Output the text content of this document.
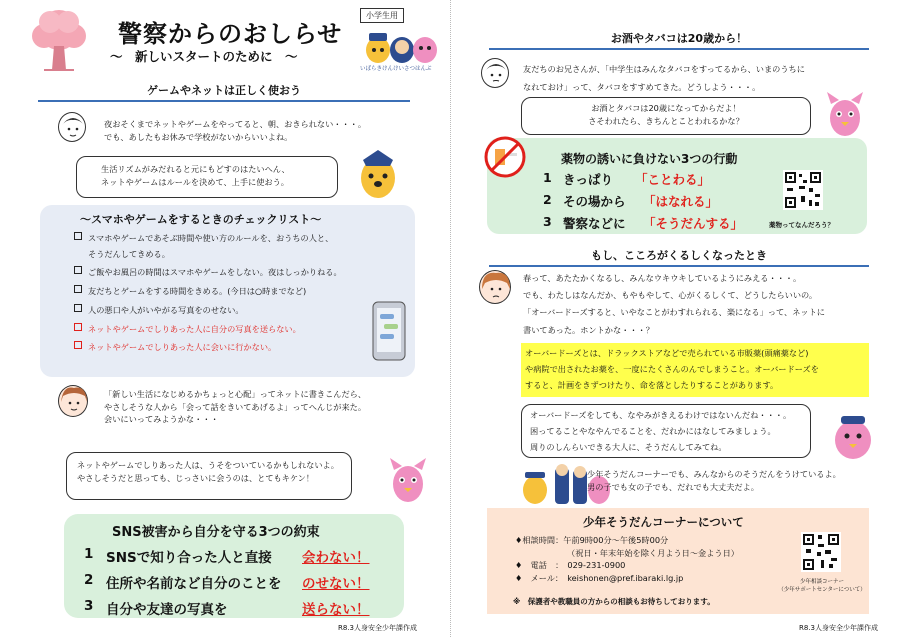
小学生用
警察からのおしらせ
～　新しいスタートのために　～
いばらきけんけいさつはんぶ
ゲームやネットは正しく使おう
夜おそくまでネットやゲームをやってると、朝、おきられない・・・。
でも、あしたもお休みで学校がないからいいよね。
生活リズムがみだれると元にもどすのはたいへん、
ネットやゲームはルールを決めて、上手に使おう。
～スマホやゲームをするときのチェックリスト～
スマホやゲームであそぶ時間や使い方のルールを、おうちの人と、
そうだんしてきめる。
ご飯やお風呂の時間はスマホやゲームをしない。夜はしっかりねる。
友だちとゲームをする時間をきめる。(今日は○時までなど)
人の悪口や人がいやがる写真をのせない。
ネットやゲームでしりあった人に自分の写真を送らない。
ネットやゲームでしりあった人に会いに行かない。
「新しい生活になじめるかちょっと心配」ってネットに書きこんだら、
やさしそうな人から「会って話をきいてあげるよ」ってへんじが来た。
会いにいってみようかな・・・
ネットやゲームでしりあった人は、うそをついているかもしれないよ。
やさしそうだと思っても、じっさいに会うのは、とてもキケン！
SNS被害から自分を守る3つの約束
1 SNSで知り合った人と直接	会わない！
2 住所や名前など自分のことを	のせない！
3 自分や友達の写真を	送らない！
R8.3人身安全少年課作成
お酒やタバコは20歳から！
友だちのお兄さんが、「中学生はみんなタバコをすってるから、いまのうちに
なれておけ」って、タバコをすすめてきた。どうしよう・・・。
お酒とタバコは20歳になってからだよ！
さそわれたら、きちんとことわれるかな？
薬物の誘いに負けない3つの行動
1 きっぱり	「ことわる」
2 その場から	「はなれる」
3 警察などに	「そうだんする」	薬物ってなんだろう？
もし、こころがくるしくなったとき
春って、あたたかくなるし、みんなウキウキしているようにみえる・・・。
でも、わたしはなんだか、もやもやして、心がくるしくて、どうしたらいいの。
「オーバードーズすると、いやなことがわすれられる、楽になる」って、ネットに
書いてあった。ホントかな・・・？
オーバードーズとは、ドラックストアなどで売られている市販薬(頭痛薬など)
や病院で出されたお薬を、一度にたくさんのんでしまうこと。オーバードーズを
すると、計画をきずつけたり、命を落としたりすることがあります。
オーバードーズをしても、なやみがきえるわけではないんだね・・・。
困ってることやなやんでることを、だれかにはなしてみましょう。
周りのしんらいできる大人に、そうだんしてみてね。
少年そうだんコーナーでも、みんなからのそうだんをうけているよ。
男の子でも女の子でも、だれでも大丈夫だよ。
少年そうだんコーナーについて
♦相談時間：午前9時00分～午後5時00分
（祝日・年末年始を除く月よう日～金よう日）
♦　電話　：　029-231-0900
♦　メール：　keishonen@pref.ibaraki.lg.jp	少年相談コーナー
（少年サポートセンターについて）
※　保護者や教職員の方からの相談もお待ちしております。
R8.3人身安全少年課作成
